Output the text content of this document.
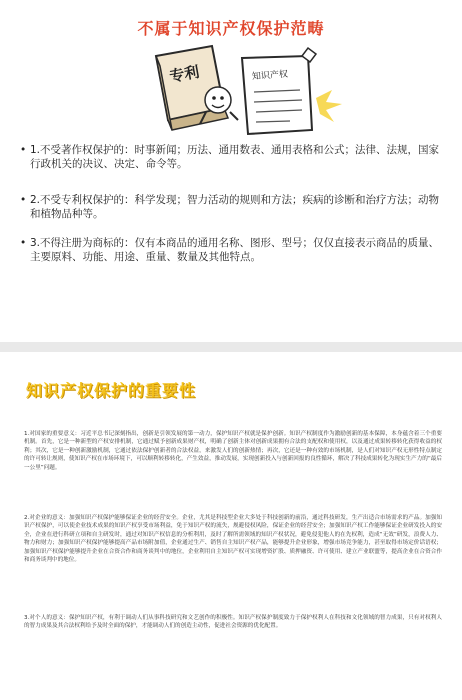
不属于知识产权保护范畴
专利	知识产权
• 1.不受著作权保护的：时事新闻；历法、通用数表、通用表格和公式；法律、法规，国家行政机关的决议、决定、命令等。
• 2.不受专利权保护的：科学发现；智力活动的规则和方法；疾病的诊断和治疗方法；动物和植物品种等。
• 3.不得注册为商标的：仅有本商品的通用名称、图形、型号；仅仅直接表示商品的质量、主要原料、功能、用途、重量、数量及其他特点。
知识产权保护的重要性
1.对国家的重要意义：习近平总书记深刻指出，创新是引领发展的第一动力，保护知识产权就是保护创新。知识产权制度作为激励创新的基本保障，本身蕴含着三个重要机制。首先，它是一种新型的产权安排机制，它通过赋予创新成果财产权，明确了创新主体对创新成果拥有合法的支配权和使用权，以及通过成果转移转化获得收益的权利；其次，它是一种创新激励机制，它通过依法保护创新者的合法权益，来激发人们的创新热情；再次，它还是一种有效的市场机制，是人们对知识产权无形性特点制定的许可转让规则，使知识产权在市场环境下，可以顺利转移转化，产生效益，推动发展，实现创新投入与创新回报的良性循环，解决了科技成果转化为现实生产力的“最后一公里”问题。
2.对企业的意义：加强知识产权保护能够保证企业的经营安全。企业，尤其是科技型企业大多处于科技创新的前沿，通过科技研发，生产出适合市场需求的产品。加强知识产权保护，可以使企业技术成果的知识产权享受市场利益，免于知识产权的流失，规避侵权风险，保证企业的经营安全；加强知识产权工作能够保证企业研发投入的安全，企业在进行科研立项和自主研发时，通过对知识产权信息的分析利用，及时了解所需领域的知识产权状况，避免侵犯他人的在先权利，造成“无效”研发，浪费人力、物力和财力；加强知识产权保护能够提高产品市场附加值，企业通过生产、销售自主知识产权产品，能够提升企业形象，增强市场竞争能力，甚至取得市场定价话语权；加强知识产权保护能够提升企业在合资合作和商务谈判中的地位，企业利用自主知识产权可实现增资扩股、质押融资、许可使用、建立产业联盟等，提高企业在合资合作和商务谈判中的地位。
3.对个人的意义：保护知识产权，有利于调动人们从事科技研究和文艺创作的积极性。知识产权保护制度致力于保护权利人在科技和文化领域的智力成果，只有对权利人的智力成果及其合法权利给予及时全面的保护，才能调动人们的创造主动性，促进社会资源的优化配置。
